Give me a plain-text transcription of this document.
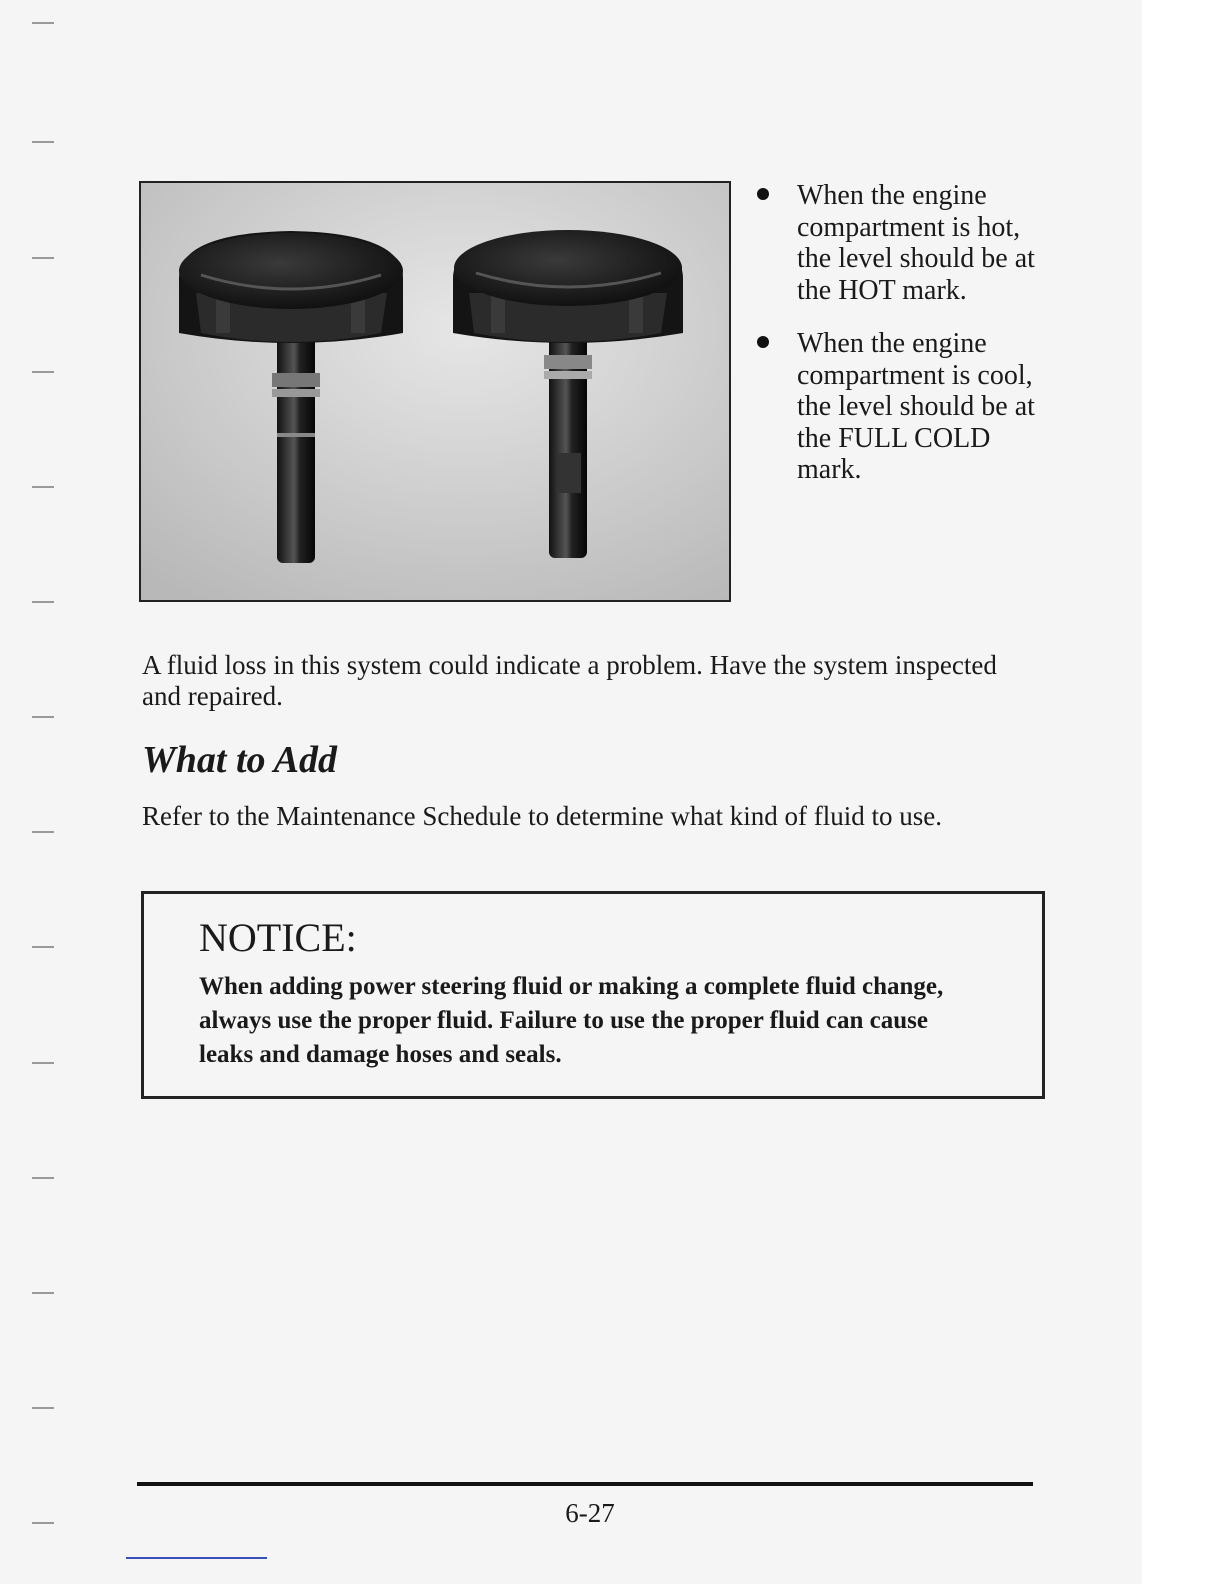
When the engine compartment is hot, the level should be at the HOT mark.
When the engine compartment is cool, the level should be at the FULL COLD mark.

A fluid loss in this system could indicate a problem. Have the system inspected and repaired.

What to Add

Refer to the Maintenance Schedule to determine what kind of fluid to use.

NOTICE:

When adding power steering fluid or making a complete fluid change, always use the proper fluid. Failure to use the proper fluid can cause leaks and damage hoses and seals.

6-27
